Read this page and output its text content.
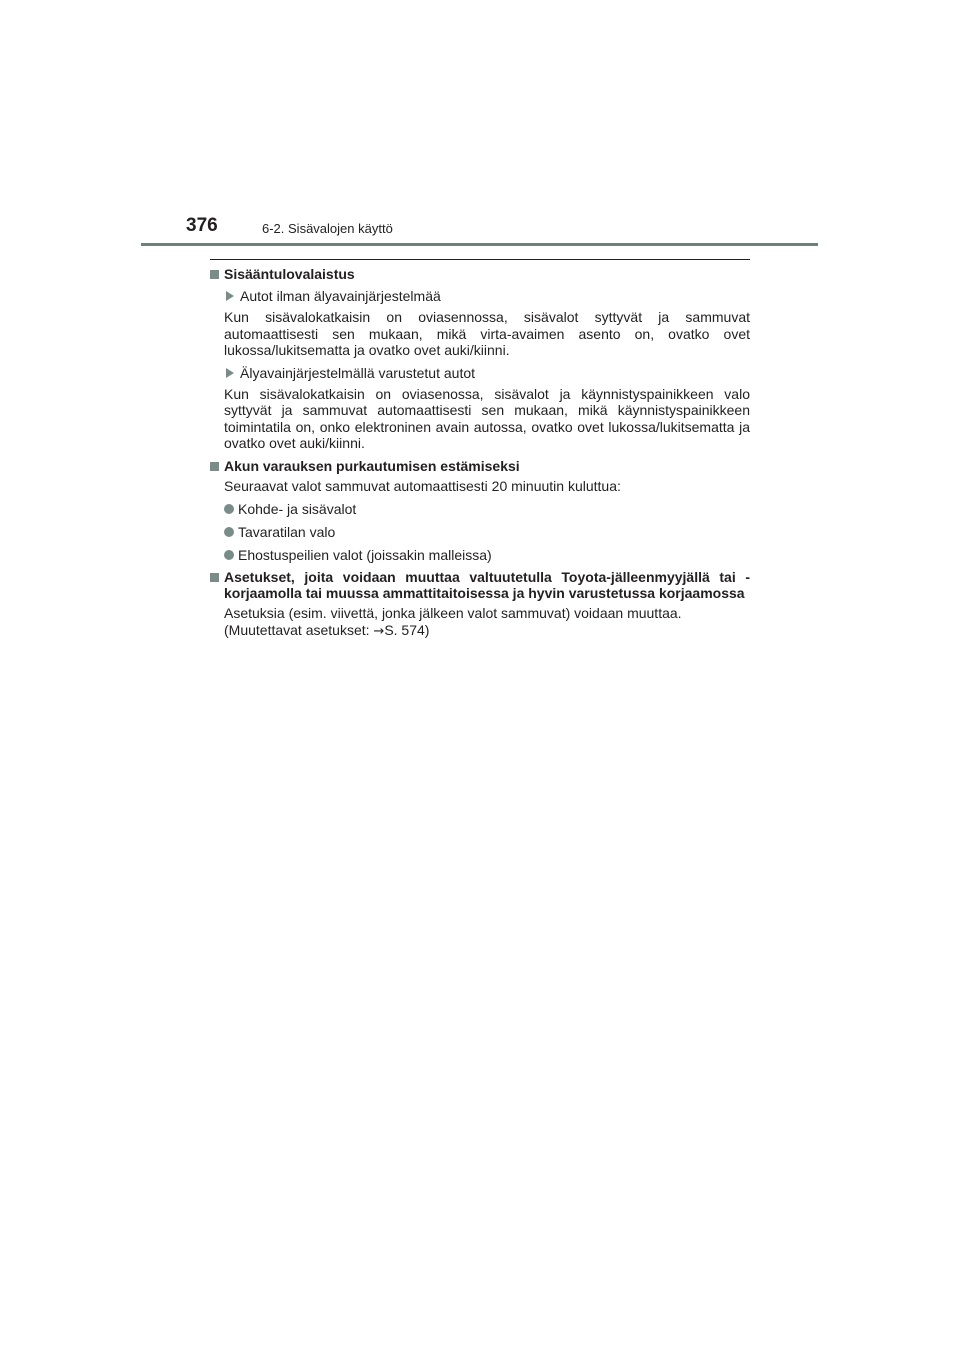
376	6-2. Sisävalojen käyttö
Sisääntulovalaistus
Autot ilman älyavainjärjestelmää
Kun sisävalokatkaisin on oviasennossa, sisävalot syttyvät ja sammuvat automaattisesti sen mukaan, mikä virta-avaimen asento on, ovatko ovet lukossa/lukitsematta ja ovatko ovet auki/kiinni.
Älyavainjärjestelmällä varustetut autot
Kun sisävalokatkaisin on oviasenossa, sisävalot ja käynnistyspainikkeen valo syttyvät ja sammuvat automaattisesti sen mukaan, mikä käynnistyspainikkeen toimintatila on, onko elektroninen avain autossa, ovatko ovet lukossa/lukitsematta ja ovatko ovet auki/kiinni.
Akun varauksen purkautumisen estämiseksi
Seuraavat valot sammuvat automaattisesti 20 minuutin kuluttua:
Kohde- ja sisävalot
Tavaratilan valo
Ehostuspeilien valot (joissakin malleissa)
Asetukset, joita voidaan muuttaa valtuutetulla Toyota-jälleenmyyjällä tai -korjaamolla tai muussa ammattitaitoisessa ja hyvin varustetussa korjaamossa
Asetuksia (esim. viivettä, jonka jälkeen valot sammuvat) voidaan muuttaa.
(Muutettavat asetukset: →S. 574)
